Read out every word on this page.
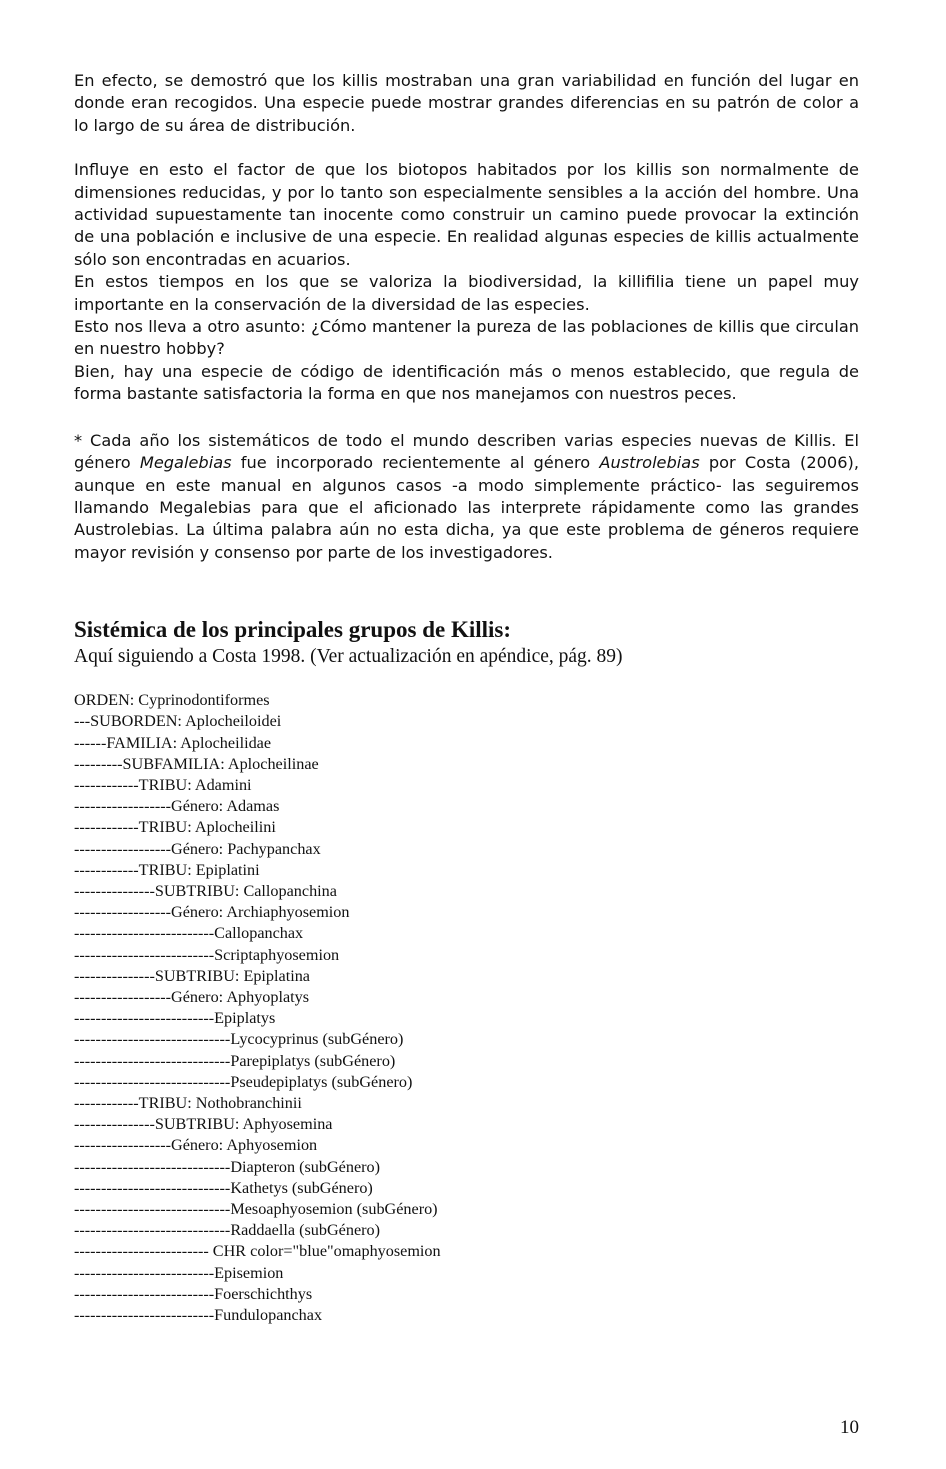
En efecto, se demostró que los killis mostraban una gran variabilidad en función del lugar en donde eran recogidos. Una especie puede mostrar grandes diferencias en su patrón de color a lo largo de su área de distribución.

Influye en esto el factor de que los biotopos habitados por los killis son normalmente de dimensiones reducidas, y por lo tanto son especialmente sensibles a la acción del hombre. Una actividad supuestamente tan inocente como construir un camino puede provocar la extinción de una población e inclusive de una especie. En realidad algunas especies de killis actualmente sólo son encontradas en acuarios.

En estos tiempos en los que se valoriza la biodiversidad, la killifilia tiene un papel muy importante en la conservación de la diversidad de las especies.

Esto nos lleva a otro asunto: ¿Cómo mantener la pureza de las poblaciones de killis que circulan en nuestro hobby?

Bien, hay una especie de código de identificación más o menos establecido, que regula de forma bastante satisfactoria la forma en que nos manejamos con nuestros peces.

* Cada año los sistemáticos de todo el mundo describen varias especies nuevas de Killis. El género Megalebias fue incorporado recientemente al género Austrolebias por Costa (2006), aunque en este manual en algunos casos -a modo simplemente práctico- las seguiremos llamando Megalebias para que el aficionado las interprete rápidamente como las grandes Austrolebias. La última palabra aún no esta dicha, ya que este problema de géneros requiere mayor revisión y consenso por parte de los investigadores.

Sistémica de los principales grupos de Killis:

Aquí siguiendo a Costa 1998. (Ver actualización en apéndice, pág. 89)

ORDEN: Cyprinodontiformes
---SUBORDEN: Aplocheiloidei
------FAMILIA: Aplocheilidae
---------SUBFAMILIA: Aplocheilinae
------------TRIBU: Adamini
------------------Género: Adamas
------------TRIBU: Aplocheilini
------------------Género: Pachypanchax
------------TRIBU: Epiplatini
---------------SUBTRIBU: Callopanchina
------------------Género: Archiaphyosemion
--------------------------Callopanchax
--------------------------Scriptaphyosemion
---------------SUBTRIBU: Epiplatina
------------------Género: Aphyoplatys
--------------------------Epiplatys
-----------------------------Lycocyprinus (subGénero)
-----------------------------Parepiplatys (subGénero)
-----------------------------Pseudepiplatys (subGénero)
------------TRIBU: Nothobranchinii
---------------SUBTRIBU: Aphyosemina
------------------Género: Aphyosemion
-----------------------------Diapteron (subGénero)
-----------------------------Kathetys (subGénero)
-----------------------------Mesoaphyosemion (subGénero)
-----------------------------Raddaella (subGénero)
------------------------- CHR color="blue"omaphyosemion
--------------------------Episemion
--------------------------Foerschichthys
--------------------------Fundulopanchax
10
